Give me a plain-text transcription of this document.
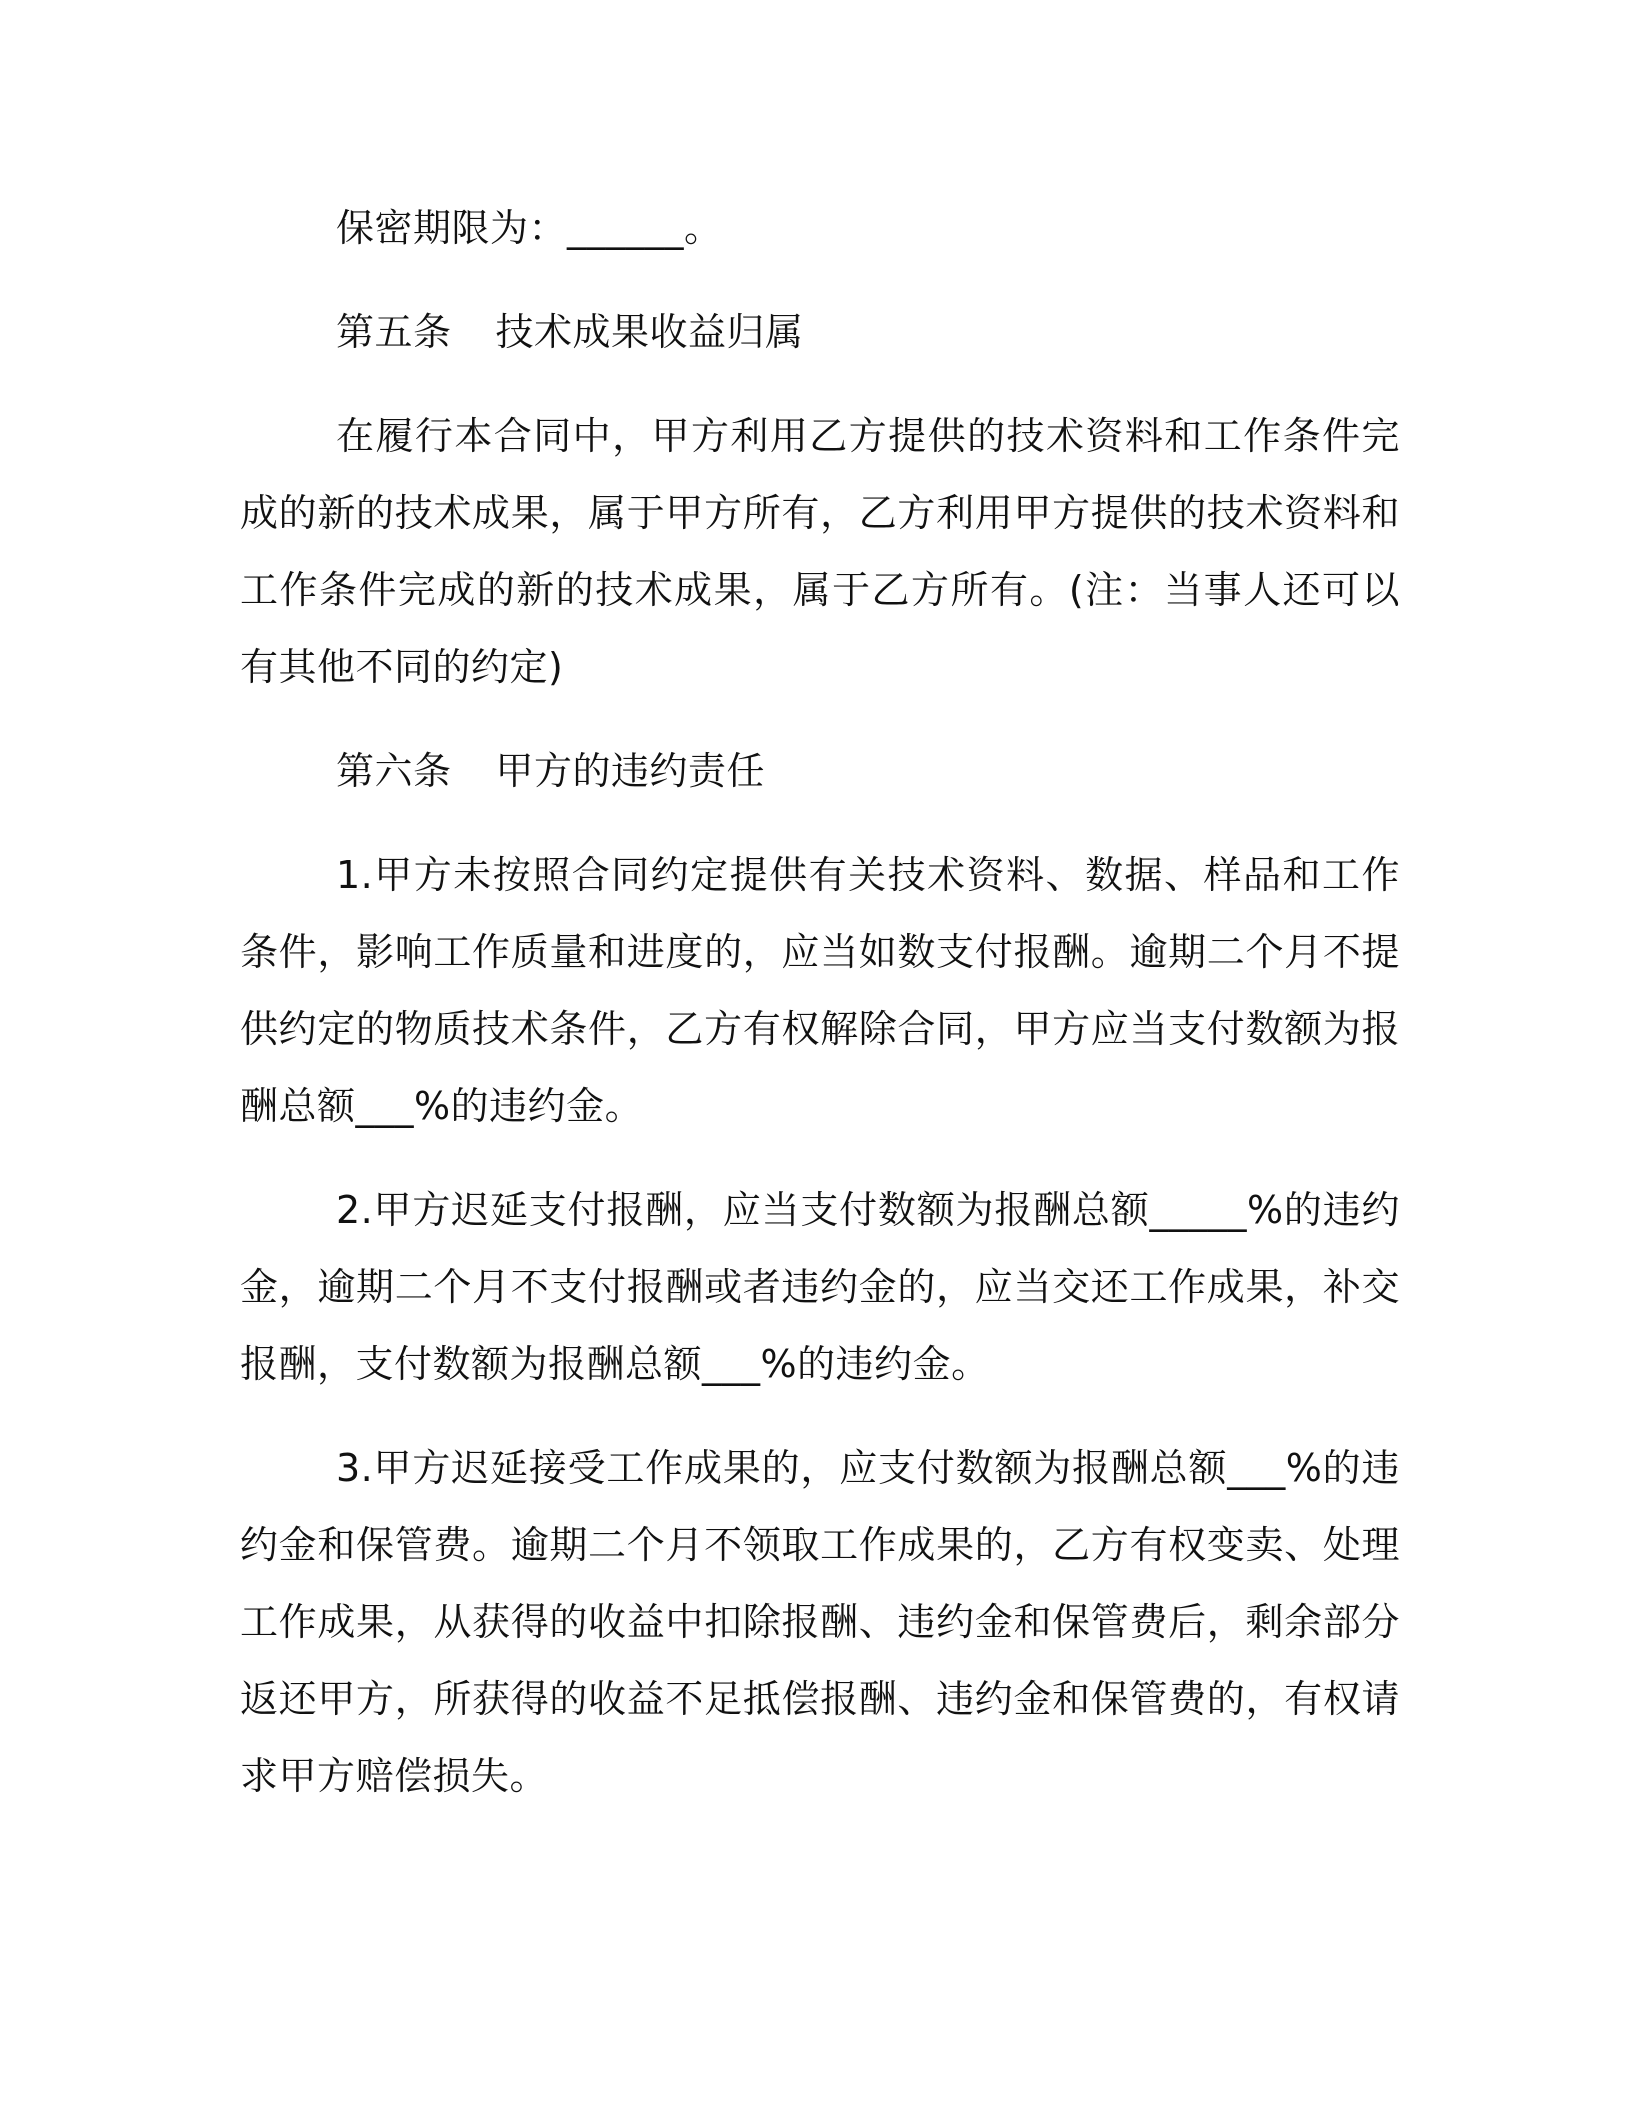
保密期限为：______。

第五条 技术成果收益归属

在履行本合同中，甲方利用乙方提供的技术资料和工作条件完成的新的技术成果，属于甲方所有，乙方利用甲方提供的技术资料和工作条件完成的新的技术成果，属于乙方所有。(注：当事人还可以有其他不同的约定)

第六条 甲方的违约责任

1.甲方未按照合同约定提供有关技术资料、数据、样品和工作条件，影响工作质量和进度的，应当如数支付报酬。逾期二个月不提供约定的物质技术条件，乙方有权解除合同，甲方应当支付数额为报酬总额___%的违约金。

2.甲方迟延支付报酬，应当支付数额为报酬总额_____%的违约金，逾期二个月不支付报酬或者违约金的，应当交还工作成果，补交报酬，支付数额为报酬总额___%的违约金。

3.甲方迟延接受工作成果的，应支付数额为报酬总额___%的违约金和保管费。逾期二个月不领取工作成果的，乙方有权变卖、处理工作成果，从获得的收益中扣除报酬、违约金和保管费后，剩余部分返还甲方，所获得的收益不足抵偿报酬、违约金和保管费的，有权请求甲方赔偿损失。
